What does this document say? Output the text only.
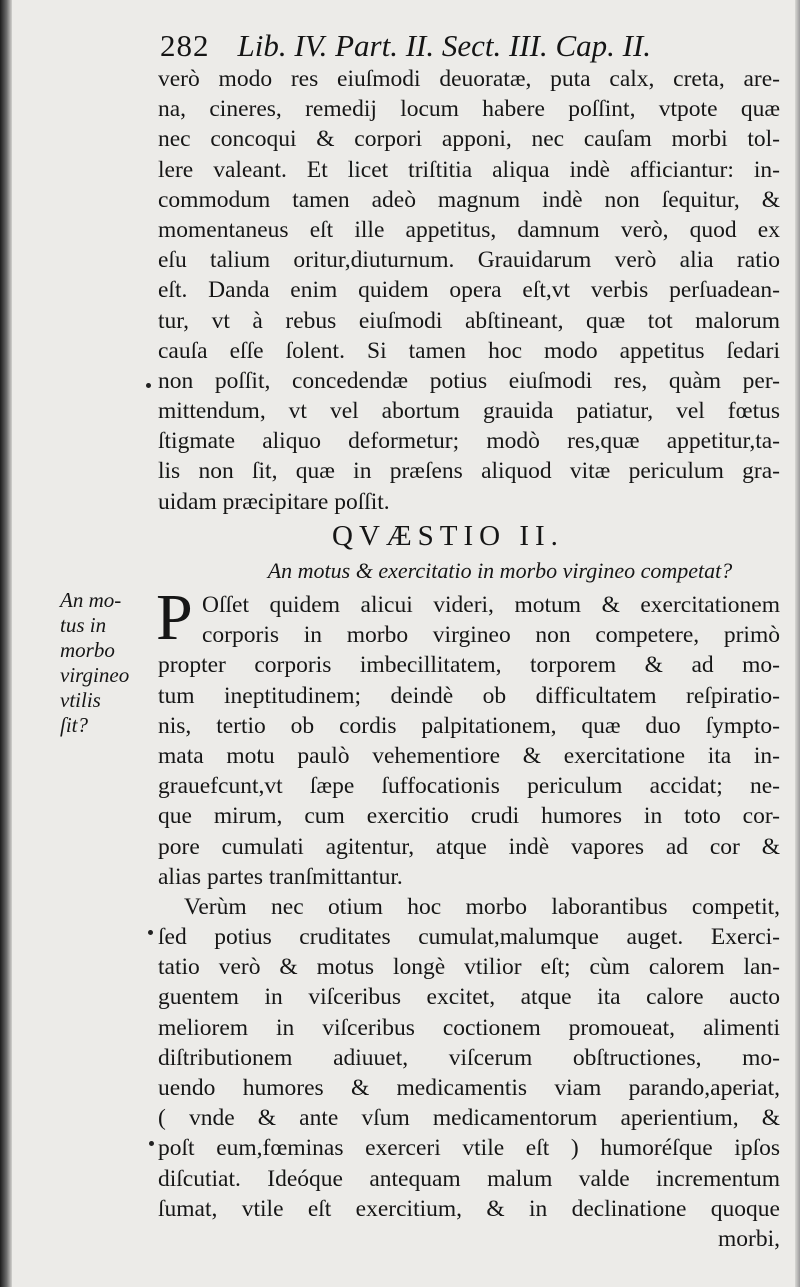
282 Lib. IV. Part. II. Sect. III. Cap. II.
verò modo res eiuſmodi deuoratæ, puta calx, creta, are-
na, cineres, remedij locum habere poſſint, vtpote quæ
nec concoqui & corpori apponi, nec cauſam morbi tol-
lere valeant. Et licet triſtitia aliqua indè afficiantur: in-
commodum tamen adeò magnum indè non ſequitur, &
momentaneus eſt ille appetitus, damnum verò, quod ex
eſu talium oritur,diuturnum. Grauidarum verò alia ratio
eſt. Danda enim quidem opera eſt,vt verbis perſuadean-
tur, vt à rebus eiuſmodi abſtineant, quæ tot malorum
cauſa eſſe ſolent. Si tamen hoc modo appetitus ſedari
non poſſit, concedendæ potius eiuſmodi res, quàm per-
mittendum, vt vel abortum grauida patiatur, vel fœtus
ſtigmate aliquo deformetur; modò res,quæ appetitur,ta-
lis non ſit, quæ in præſens aliquod vitæ periculum gra-
uidam præcipitare poſſit.
QVÆSTIO II.
An motus & exercitatio in morbo virgineo competat?
An mo-
tus in
morbo
virgineo
vtilis
ſit?
P Oſſet quidem alicui videri, motum & exercitationem
corporis in morbo virgineo non competere, primò
propter corporis imbecillitatem, torporem & ad mo-
tum ineptitudinem; deindè ob difficultatem reſpiratio-
nis, tertio ob cordis palpitationem, quæ duo ſympto-
mata motu paulò vehementiore & exercitatione ita in-
grauefcunt,vt ſæpe ſuffocationis periculum accidat; ne-
que mirum, cum exercitio crudi humores in toto cor-
pore cumulati agitentur, atque indè vapores ad cor &
alias partes tranſmittantur.
Verùm nec otium hoc morbo laborantibus competit,
ſed potius cruditates cumulat,malumque auget. Exerci-
tatio verò & motus longè vtilior eſt; cùm calorem lan-
guentem in viſceribus excitet, atque ita calore aucto
meliorem in viſceribus coctionem promoueat, alimenti
diſtributionem adiuuet, viſcerum obſtructiones, mo-
uendo humores & medicamentis viam parando,aperiat,
( vnde & ante vſum medicamentorum aperientium, &
poſt eum,fœminas exerceri vtile eſt ) humoréſque ipſos
diſcutiat. Ideóque antequam malum valde incrementum
ſumat, vtile eſt exercitium, & in declinatione quoque
morbi,
